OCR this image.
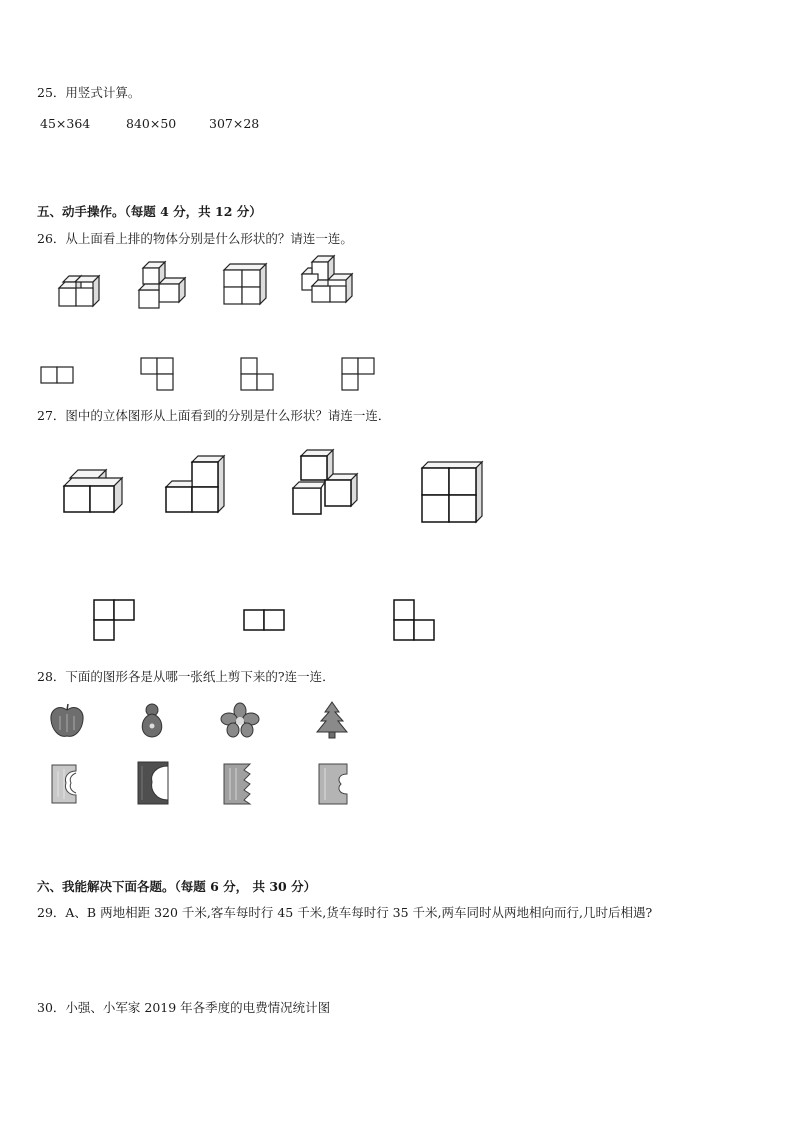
25．用竖式计算。
45×364	840×50	307×28
五、动手操作。（每题 4 分，共 12 分）
26．从上面看上排的物体分别是什么形状的？请连一连。
27．图中的立体图形从上面看到的分别是什么形状？请连一连．
28．下面的图形各是从哪一张纸上剪下来的?连一连．
六、我能解决下面各题。（每题 6 分， 共 30 分）
29．A、B 两地相距 320 千米,客车每时行 45 千米,货车每时行 35 千米,两车同时从两地相向而行,几时后相遇?
30．小强、小军家 2019 年各季度的电费情况统计图
